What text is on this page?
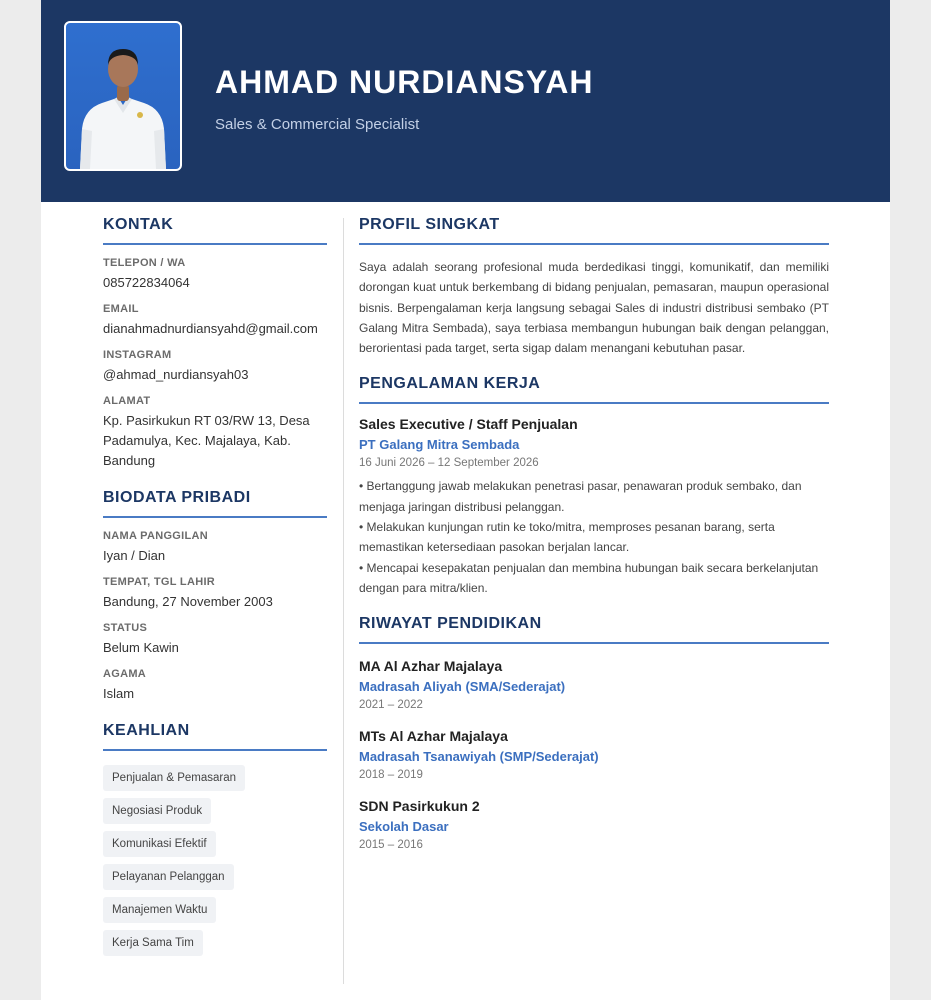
AHMAD NURDIANSYAH
Sales & Commercial Specialist
KONTAK
TELEPON / WA
085722834064
EMAIL
dianahmadnurdiansyahd@gmail.com
INSTAGRAM
@ahmad_nurdiansyah03
ALAMAT
Kp. Pasirkukun RT 03/RW 13, Desa Padamulya, Kec. Majalaya, Kab. Bandung
BIODATA PRIBADI
NAMA PANGGILAN
Iyan / Dian
TEMPAT, TGL LAHIR
Bandung, 27 November 2003
STATUS
Belum Kawin
AGAMA
Islam
KEAHLIAN
Penjualan & Pemasaran
Negosiasi Produk
Komunikasi Efektif
Pelayanan Pelanggan
Manajemen Waktu
Kerja Sama Tim
PROFIL SINGKAT

Saya adalah seorang profesional muda berdedikasi tinggi, komunikatif, dan memiliki dorongan kuat untuk berkembang di bidang penjualan, pemasaran, maupun operasional bisnis. Berpengalaman kerja langsung sebagai Sales di industri distribusi sembako (PT Galang Mitra Sembada), saya terbiasa membangun hubungan baik dengan pelanggan, berorientasi pada target, serta sigap dalam menangani kebutuhan pasar.

PENGALAMAN KERJA
Sales Executive / Staff Penjualan
PT Galang Mitra Sembada
16 Juni 2026 – 12 September 2026
• Bertanggung jawab melakukan penetrasi pasar, penawaran produk sembako, dan menjaga jaringan distribusi pelanggan.
• Melakukan kunjungan rutin ke toko/mitra, memproses pesanan barang, serta memastikan ketersediaan pasokan berjalan lancar.
• Mencapai kesepakatan penjualan dan membina hubungan baik secara berkelanjutan dengan para mitra/klien.
RIWAYAT PENDIDIKAN
MA Al Azhar Majalaya
Madrasah Aliyah (SMA/Sederajat)
2021 – 2022
MTs Al Azhar Majalaya
Madrasah Tsanawiyah (SMP/Sederajat)
2018 – 2019
SDN Pasirkukun 2
Sekolah Dasar
2015 – 2016
